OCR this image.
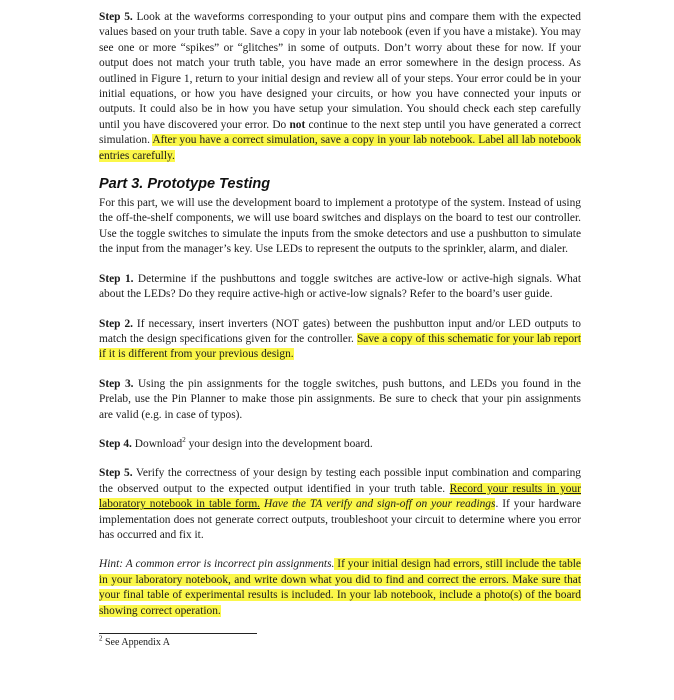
Step 5. Look at the waveforms corresponding to your output pins and compare them with the expected values based on your truth table. Save a copy in your lab notebook (even if you have a mistake). You may see one or more “spikes” or “glitches” in some of outputs. Don’t worry about these for now. If your output does not match your truth table, you have made an error somewhere in the design process. As outlined in Figure 1, return to your initial design and review all of your steps. Your error could be in your initial equations, or how you have designed your circuits, or how you have connected your inputs or outputs. It could also be in how you have setup your simulation. You should check each step carefully until you have discovered your error. Do not continue to the next step until you have generated a correct simulation. After you have a correct simulation, save a copy in your lab notebook. Label all lab notebook entries carefully.

Part 3. Prototype Testing

For this part, we will use the development board to implement a prototype of the system. Instead of using the off-the-shelf components, we will use board switches and displays on the board to test our controller. Use the toggle switches to simulate the inputs from the smoke detectors and use a pushbutton to simulate the input from the manager’s key. Use LEDs to represent the outputs to the sprinkler, alarm, and dialer.

Step 1. Determine if the pushbuttons and toggle switches are active-low or active-high signals. What about the LEDs? Do they require active-high or active-low signals? Refer to the board’s user guide.

Step 2. If necessary, insert inverters (NOT gates) between the pushbutton input and/or LED outputs to match the design specifications given for the controller. Save a copy of this schematic for your lab report if it is different from your previous design.

Step 3. Using the pin assignments for the toggle switches, push buttons, and LEDs you found in the Prelab, use the Pin Planner to make those pin assignments. Be sure to check that your pin assignments are valid (e.g. in case of typos).

Step 4. Download$^2$ your design into the development board.

Step 5. Verify the correctness of your design by testing each possible input combination and comparing the observed output to the expected output identified in your truth table. Record your results in your laboratory notebook in table form. Have the TA verify and sign-off on your readings. If your hardware implementation does not generate correct outputs, troubleshoot your circuit to determine where you error has occurred and fix it.

Hint: A common error is incorrect pin assignments. If your initial design had errors, still include the table in your laboratory notebook, and write down what you did to find and correct the errors. Make sure that your final table of experimental results is included. In your lab notebook, include a photo(s) of the board showing correct operation.

$^2$ See Appendix A
